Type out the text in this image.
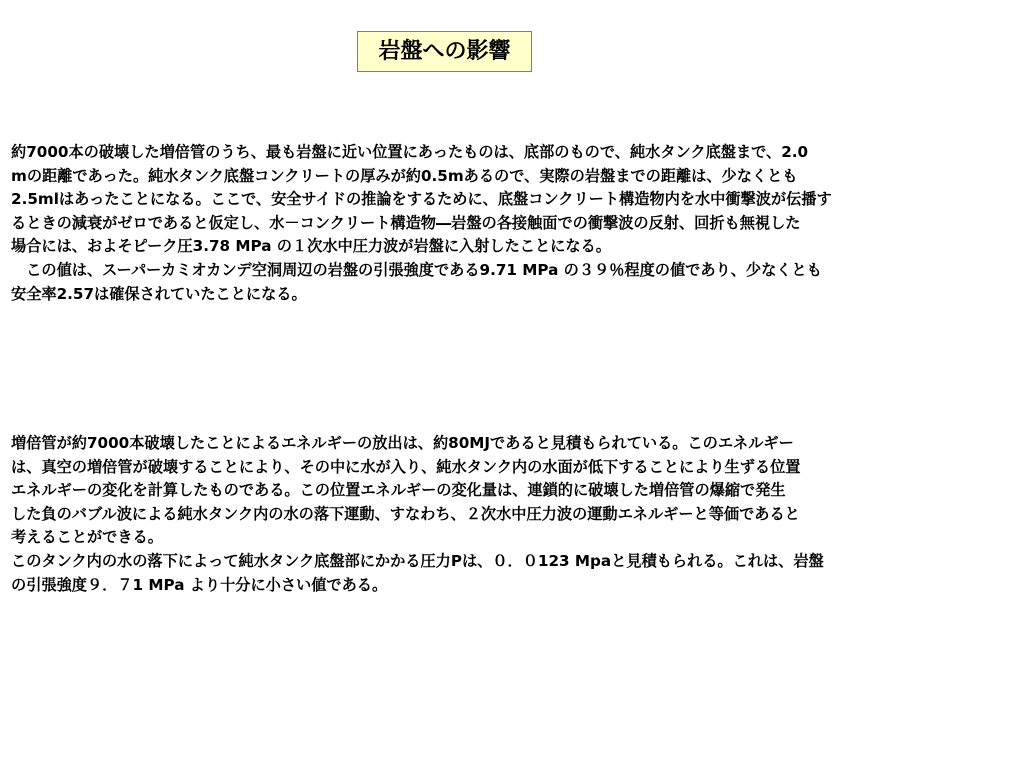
岩盤への影響

約7000本の破壊した増倍管のうち、最も岩盤に近い位置にあったものは、底部のもので、純水タンク底盤まで、2.0
mの距離であった。純水タンク底盤コンクリートの厚みが約0.5mあるので、実際の岩盤までの距離は、少なくとも
2.5mlはあったことになる。ここで、安全サイドの推論をするために、底盤コンクリート構造物内を水中衝撃波が伝播す
るときの減衰がゼロであると仮定し、水－コンクリート構造物―岩盤の各接触面での衝撃波の反射、回折も無視した
場合には、およそピーク圧3.78 MPa の１次水中圧力波が岩盤に入射したことになる。
　この値は、スーパーカミオカンデ空洞周辺の岩盤の引張強度である9.71 MPa の３９％程度の値であり、少なくとも
安全率2.57は確保されていたことになる。

増倍管が約7000本破壊したことによるエネルギーの放出は、約80MJであると見積もられている。このエネルギー
は、真空の増倍管が破壊することにより、その中に水が入り、純水タンク内の水面が低下することにより生ずる位置
エネルギーの変化を計算したものである。この位置エネルギーの変化量は、連鎖的に破壊した増倍管の爆縮で発生
した負のバブル波による純水タンク内の水の落下運動、すなわち、２次水中圧力波の運動エネルギーと等価であると
考えることができる。
このタンク内の水の落下によって純水タンク底盤部にかかる圧力Pは、０．０123 Mpaと見積もられる。これは、岩盤
の引張強度９．７1 MPa より十分に小さい値である。
